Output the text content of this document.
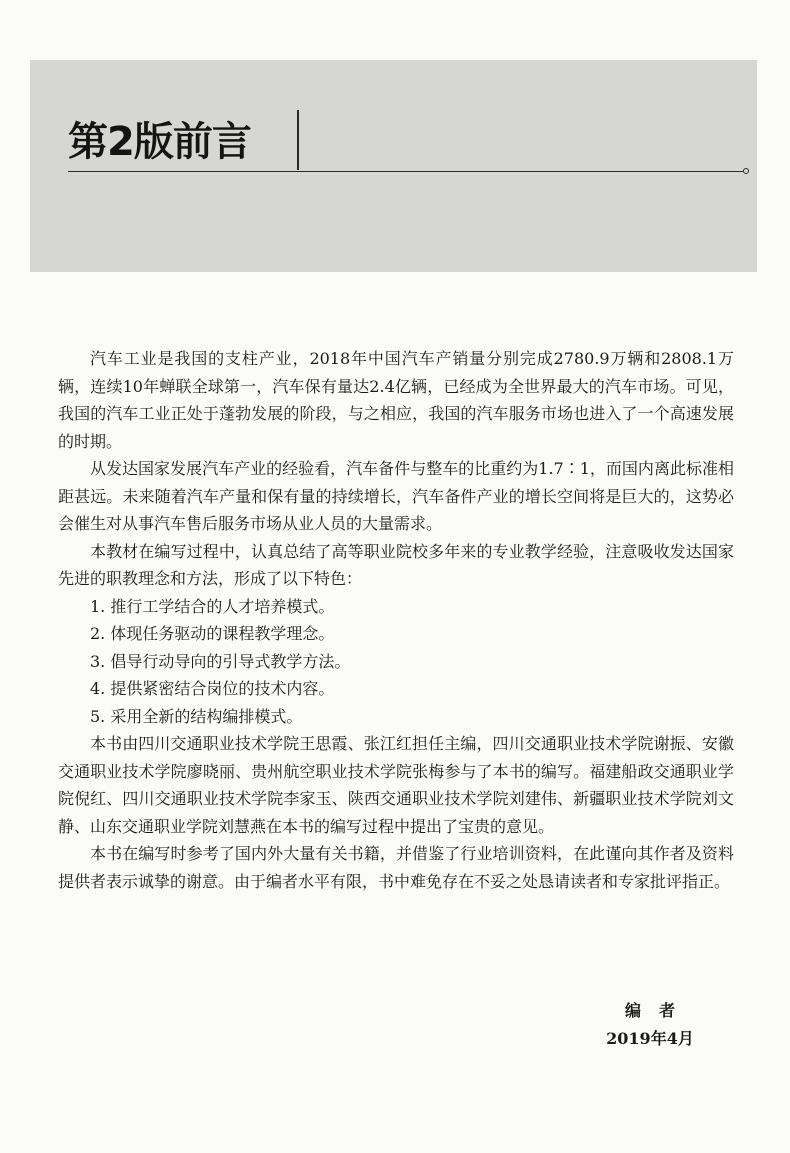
第2版前言

汽车工业是我国的支柱产业，2018年中国汽车产销量分别完成2780.9万辆和2808.1万辆，连续10年蝉联全球第一，汽车保有量达2.4亿辆，已经成为全世界最大的汽车市场。可见，我国的汽车工业正处于蓬勃发展的阶段，与之相应，我国的汽车服务市场也进入了一个高速发展的时期。

从发达国家发展汽车产业的经验看，汽车备件与整车的比重约为1.7∶1，而国内离此标准相距甚远。未来随着汽车产量和保有量的持续增长，汽车备件产业的增长空间将是巨大的，这势必会催生对从事汽车售后服务市场从业人员的大量需求。

本教材在编写过程中，认真总结了高等职业院校多年来的专业教学经验，注意吸收发达国家先进的职教理念和方法，形成了以下特色：

1. 推行工学结合的人才培养模式。

2. 体现任务驱动的课程教学理念。

3. 倡导行动导向的引导式教学方法。

4. 提供紧密结合岗位的技术内容。

5. 采用全新的结构编排模式。

本书由四川交通职业技术学院王思霞、张江红担任主编，四川交通职业技术学院谢振、安徽交通职业技术学院廖晓丽、贵州航空职业技术学院张梅参与了本书的编写。福建船政交通职业学院倪红、四川交通职业技术学院李家玉、陕西交通职业技术学院刘建伟、新疆职业技术学院刘文静、山东交通职业学院刘慧燕在本书的编写过程中提出了宝贵的意见。

本书在编写时参考了国内外大量有关书籍，并借鉴了行业培训资料，在此谨向其作者及资料提供者表示诚挚的谢意。由于编者水平有限，书中难免存在不妥之处恳请读者和专家批评指正。

编者
2019年4月
